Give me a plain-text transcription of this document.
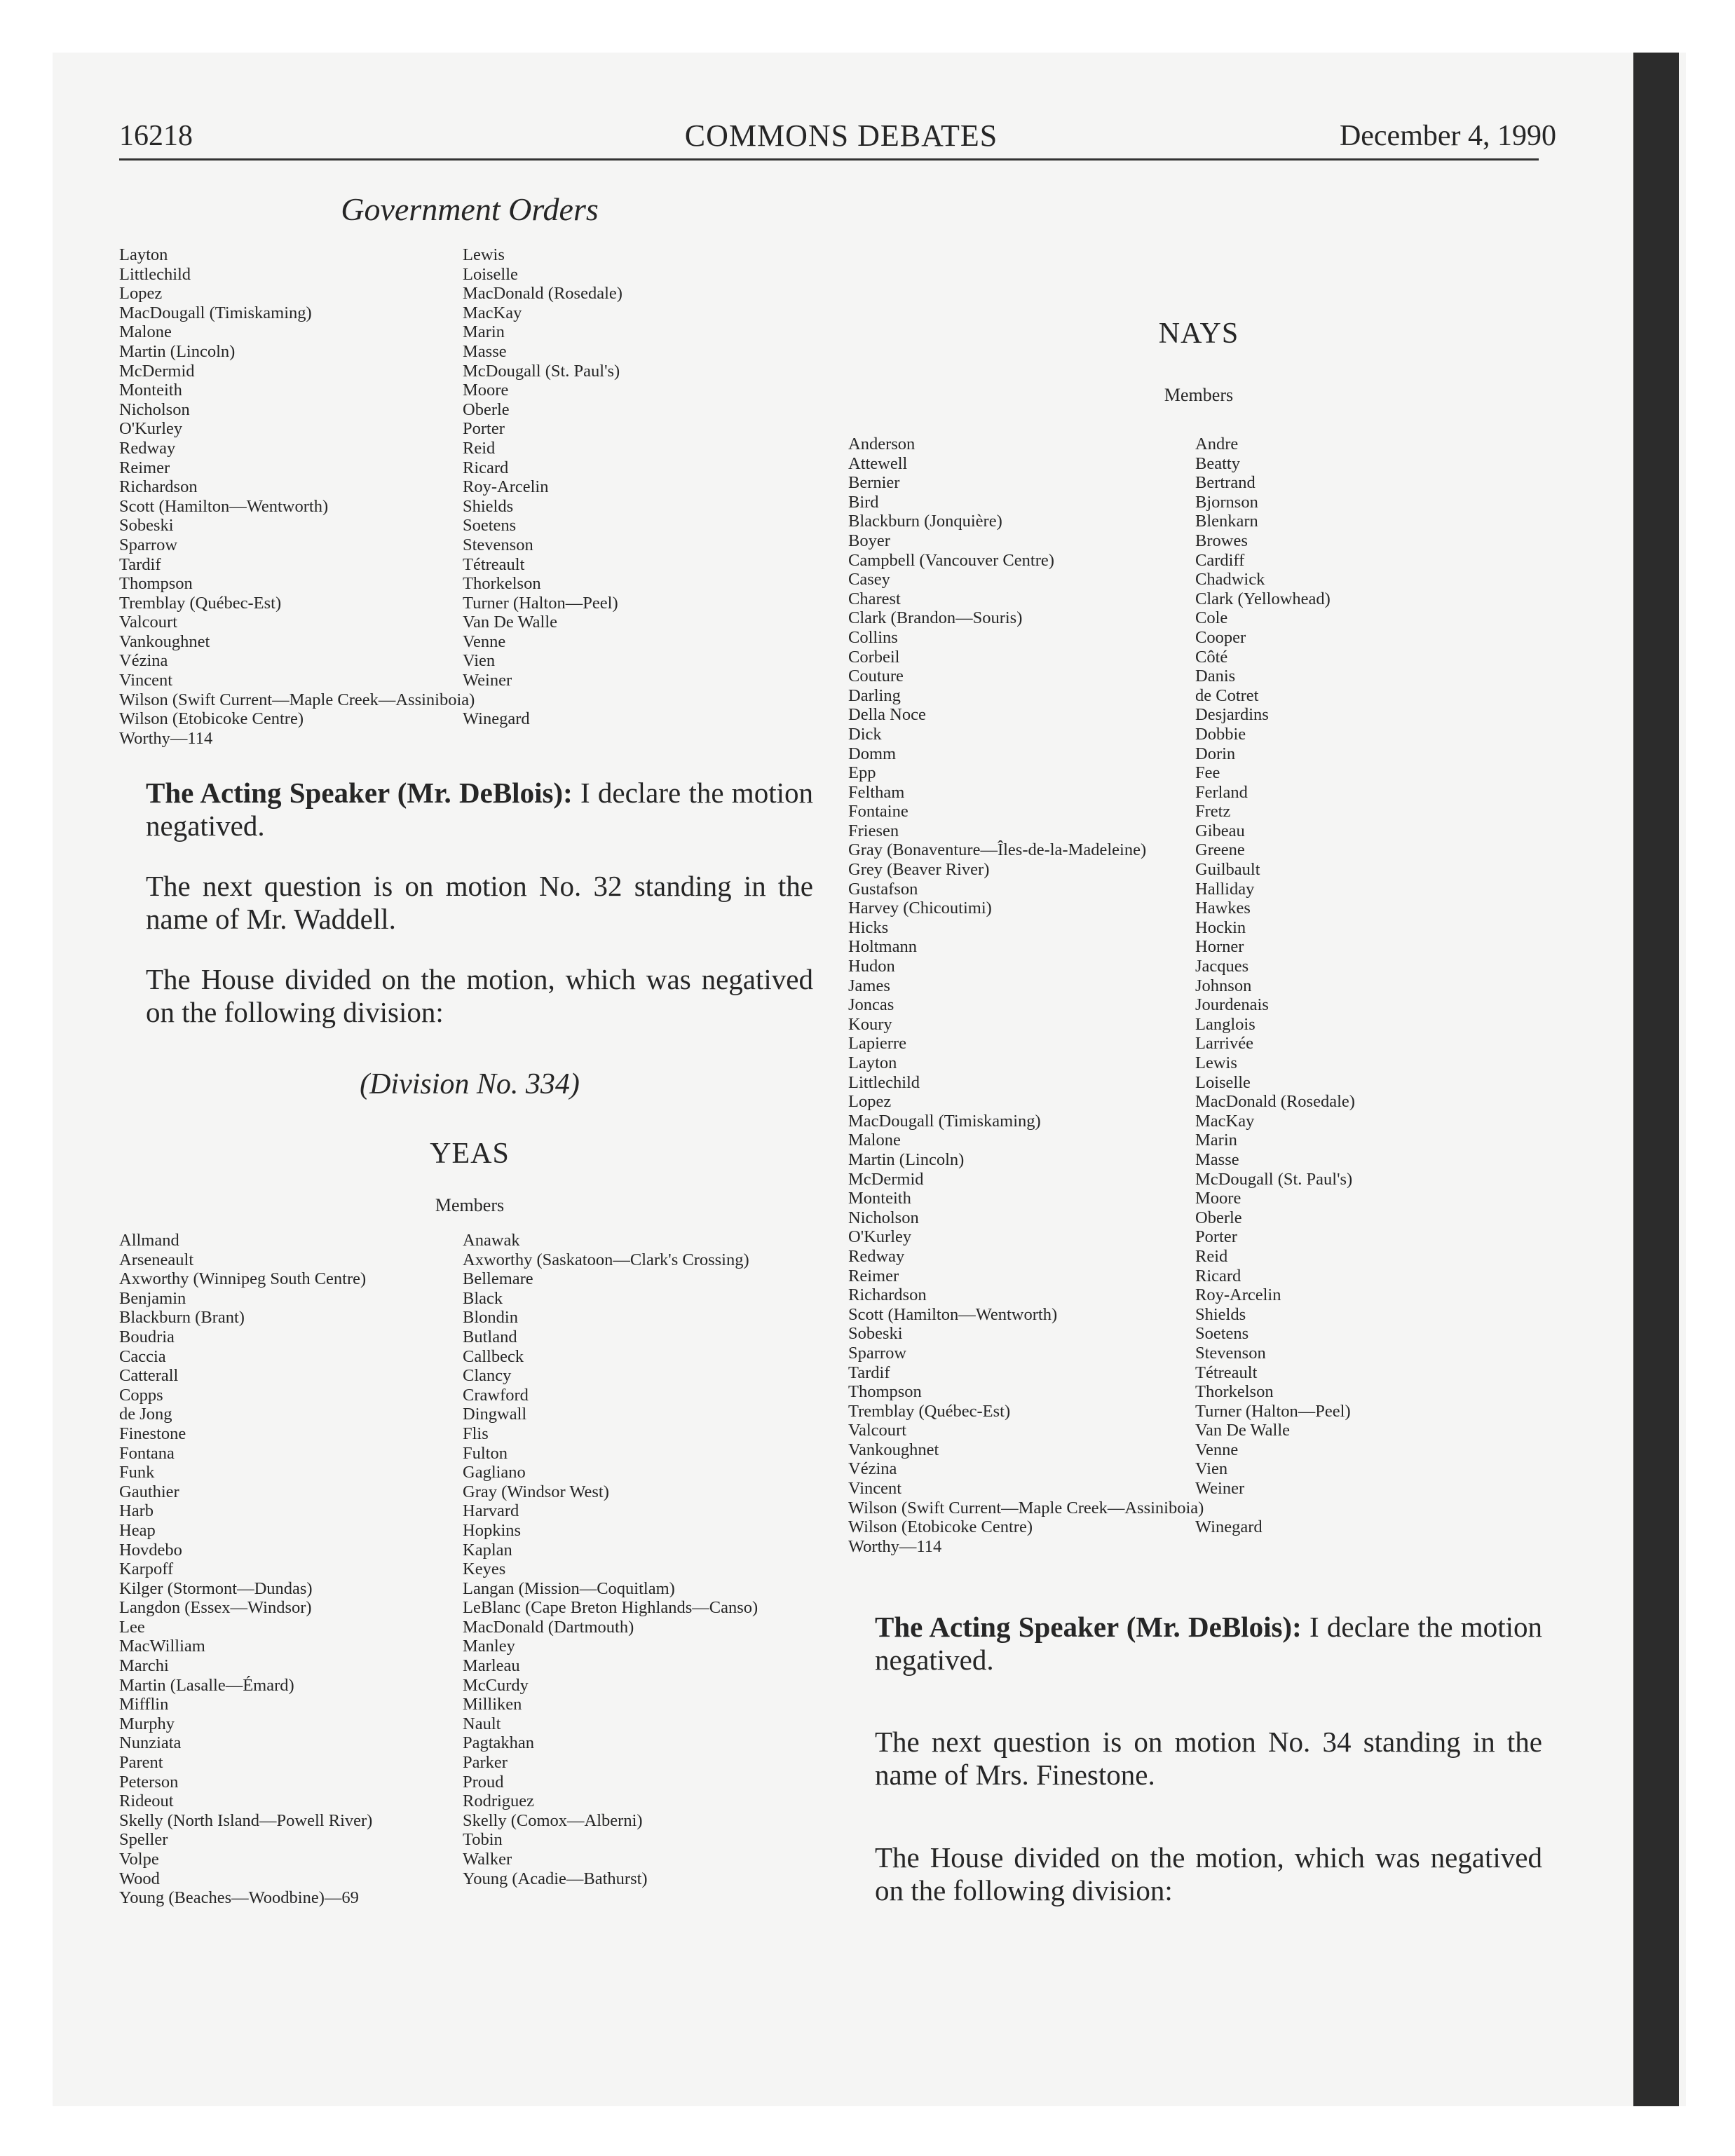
16218	COMMONS DEBATES	December 4, 1990
Government Orders
Layton
Littlechild
Lopez
MacDougall (Timiskaming)
Malone
Martin (Lincoln)
McDermid
Monteith
Nicholson
O'Kurley
Redway
Reimer
Richardson
Scott (Hamilton—Wentworth)
Sobeski
Sparrow
Tardif
Thompson
Tremblay (Québec-Est)
Valcourt
Vankoughnet
Vézina
Vincent
Wilson (Swift Current—Maple Creek—Assiniboia)
Wilson (Etobicoke Centre)
Worthy—114
Lewis
Loiselle
MacDonald (Rosedale)
MacKay
Marin
Masse
McDougall (St. Paul's)
Moore
Oberle
Porter
Reid
Ricard
Roy-Arcelin
Shields
Soetens
Stevenson
Tétreault
Thorkelson
Turner (Halton—Peel)
Van De Walle
Venne
Vien
Weiner
Winegard

The Acting Speaker (Mr. DeBlois): I declare the motion negatived.

The next question is on motion No. 32 standing in the name of Mr. Waddell.

The House divided on the motion, which was negatived on the following division:

(Division No. 334)
YEAS
Members
Allmand
Arseneault
Axworthy (Winnipeg South Centre)
Benjamin
Blackburn (Brant)
Boudria
Caccia
Catterall
Copps
de Jong
Finestone
Fontana
Funk
Gauthier
Harb
Heap
Hovdebo
Karpoff
Kilger (Stormont—Dundas)
Langdon (Essex—Windsor)
Lee
MacWilliam
Marchi
Martin (Lasalle—Émard)
Mifflin
Murphy
Nunziata
Parent
Peterson
Rideout
Skelly (North Island—Powell River)
Speller
Volpe
Wood
Young (Beaches—Woodbine)—69
Anawak
Axworthy (Saskatoon—Clark's Crossing)
Bellemare
Black
Blondin
Butland
Callbeck
Clancy
Crawford
Dingwall
Flis
Fulton
Gagliano
Gray (Windsor West)
Harvard
Hopkins
Kaplan
Keyes
Langan (Mission—Coquitlam)
LeBlanc (Cape Breton Highlands—Canso)
MacDonald (Dartmouth)
Manley
Marleau
McCurdy
Milliken
Nault
Pagtakhan
Parker
Proud
Rodriguez
Skelly (Comox—Alberni)
Tobin
Walker
Young (Acadie—Bathurst)
NAYS
Members
Anderson
Attewell
Bernier
Bird
Blackburn (Jonquière)
Boyer
Campbell (Vancouver Centre)
Casey
Charest
Clark (Brandon—Souris)
Collins
Corbeil
Couture
Darling
Della Noce
Dick
Domm
Epp
Feltham
Fontaine
Friesen
Gray (Bonaventure—Îles-de-la-Madeleine)
Grey (Beaver River)
Gustafson
Harvey (Chicoutimi)
Hicks
Holtmann
Hudon
James
Joncas
Koury
Lapierre
Layton
Littlechild
Lopez
MacDougall (Timiskaming)
Malone
Martin (Lincoln)
McDermid
Monteith
Nicholson
O'Kurley
Redway
Reimer
Richardson
Scott (Hamilton—Wentworth)
Sobeski
Sparrow
Tardif
Thompson
Tremblay (Québec-Est)
Valcourt
Vankoughnet
Vézina
Vincent
Wilson (Swift Current—Maple Creek—Assiniboia)
Wilson (Etobicoke Centre)
Worthy—114
Andre
Beatty
Bertrand
Bjornson
Blenkarn
Browes
Cardiff
Chadwick
Clark (Yellowhead)
Cole
Cooper
Côté
Danis
de Cotret
Desjardins
Dobbie
Dorin
Fee
Ferland
Fretz
Gibeau
Greene
Guilbault
Halliday
Hawkes
Hockin
Horner
Jacques
Johnson
Jourdenais
Langlois
Larrivée
Lewis
Loiselle
MacDonald (Rosedale)
MacKay
Marin
Masse
McDougall (St. Paul's)
Moore
Oberle
Porter
Reid
Ricard
Roy-Arcelin
Shields
Soetens
Stevenson
Tétreault
Thorkelson
Turner (Halton—Peel)
Van De Walle
Venne
Vien
Weiner
Winegard

The Acting Speaker (Mr. DeBlois): I declare the motion negatived.

The next question is on motion No. 34 standing in the name of Mrs. Finestone.

The House divided on the motion, which was negatived on the following division:
